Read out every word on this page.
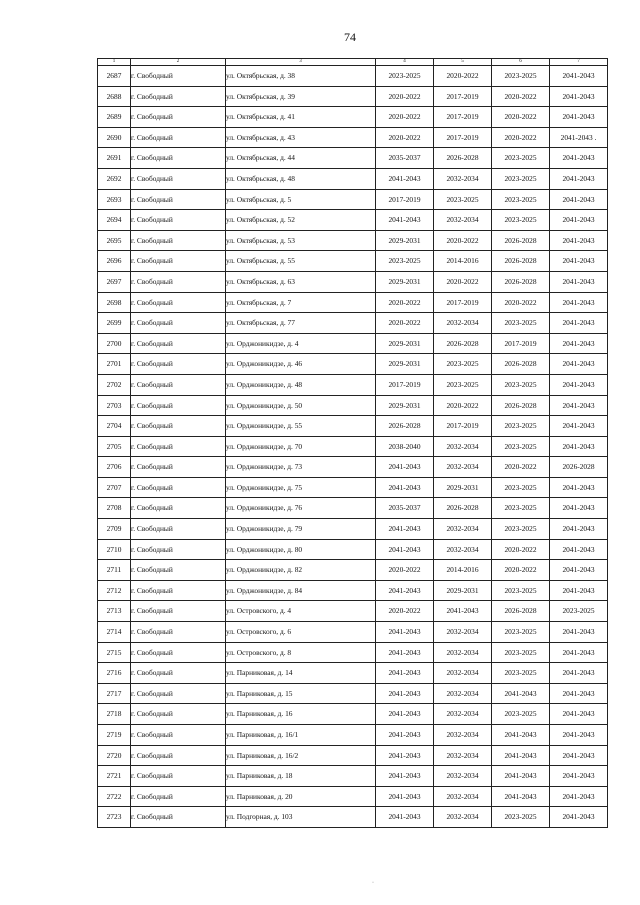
74
1	2	3	4	5	6	7
2687	г. Свободный	ул. Октябрьская, д. 38	2023-2025	2020-2022	2023-2025	2041-2043
2688	г. Свободный	ул. Октябрьская, д. 39	2020-2022	2017-2019	2020-2022	2041-2043
2689	г. Свободный	ул. Октябрьская, д. 41	2020-2022	2017-2019	2020-2022	2041-2043
2690	г. Свободный	ул. Октябрьская, д. 43	2020-2022	2017-2019	2020-2022	2041-2043 .
2691	г. Свободный	ул. Октябрьская, д. 44	2035-2037	2026-2028	2023-2025	2041-2043
2692	г. Свободный	ул. Октябрьская, д. 48	2041-2043	2032-2034	2023-2025	2041-2043
2693	г. Свободный	ул. Октябрьская, д. 5	2017-2019	2023-2025	2023-2025	2041-2043
2694	г. Свободный	ул. Октябрьская, д. 52	2041-2043	2032-2034	2023-2025	2041-2043
2695	г. Свободный	ул. Октябрьская, д. 53	2029-2031	2020-2022	2026-2028	2041-2043
2696	г. Свободный	ул. Октябрьская, д. 55	2023-2025	2014-2016	2026-2028	2041-2043
2697	г. Свободный	ул. Октябрьская, д. 63	2029-2031	2020-2022	2026-2028	2041-2043
2698	г. Свободный	ул. Октябрьская, д. 7	2020-2022	2017-2019	2020-2022	2041-2043
2699	г. Свободный	ул. Октябрьская, д. 77	2020-2022	2032-2034	2023-2025	2041-2043
2700	г. Свободный	ул. Орджоникидзе, д. 4	2029-2031	2026-2028	2017-2019	2041-2043
2701	г. Свободный	ул. Орджоникидзе, д. 46	2029-2031	2023-2025	2026-2028	2041-2043
2702	г. Свободный	ул. Орджоникидзе, д. 48	2017-2019	2023-2025	2023-2025	2041-2043
2703	г. Свободный	ул. Орджоникидзе, д. 50	2029-2031	2020-2022	2026-2028	2041-2043
2704	г. Свободный	ул. Орджоникидзе, д. 55	2026-2028	2017-2019	2023-2025	2041-2043
2705	г. Свободный	ул. Орджоникидзе, д. 70	2038-2040	2032-2034	2023-2025	2041-2043
2706	г. Свободный	ул. Орджоникидзе, д. 73	2041-2043	2032-2034	2020-2022	2026-2028
2707	г. Свободный	ул. Орджоникидзе, д. 75	2041-2043	2029-2031	2023-2025	2041-2043
2708	г. Свободный	ул. Орджоникидзе, д. 76	2035-2037	2026-2028	2023-2025	2041-2043
2709	г. Свободный	ул. Орджоникидзе, д. 79	2041-2043	2032-2034	2023-2025	2041-2043
2710	г. Свободный	ул. Орджоникидзе, д. 80	2041-2043	2032-2034	2020-2022	2041-2043
2711	г. Свободный	ул. Орджоникидзе, д. 82	2020-2022	2014-2016	2020-2022	2041-2043
2712	г. Свободный	ул. Орджоникидзе, д. 84	2041-2043	2029-2031	2023-2025	2041-2043
2713	г. Свободный	ул. Островского, д. 4	2020-2022	2041-2043	2026-2028	2023-2025
2714	г. Свободный	ул. Островского, д. 6	2041-2043	2032-2034	2023-2025	2041-2043
2715	г. Свободный	ул. Островского, д. 8	2041-2043	2032-2034	2023-2025	2041-2043
2716	г. Свободный	ул. Парниковая, д. 14	2041-2043	2032-2034	2023-2025	2041-2043
2717	г. Свободный	ул. Парниковая, д. 15	2041-2043	2032-2034	2041-2043	2041-2043
2718	г. Свободный	ул. Парниковая, д. 16	2041-2043	2032-2034	2023-2025	2041-2043
2719	г. Свободный	ул. Парниковая, д. 16/1	2041-2043	2032-2034	2041-2043	2041-2043
2720	г. Свободный	ул. Парниковая, д. 16/2	2041-2043	2032-2034	2041-2043	2041-2043
2721	г. Свободный	ул. Парниковая, д. 18	2041-2043	2032-2034	2041-2043	2041-2043
2722	г. Свободный	ул. Парниковая, д. 20	2041-2043	2032-2034	2041-2043	2041-2043
2723	г. Свободный	ул. Подгорная, д. 103	2041-2043	2032-2034	2023-2025	2041-2043
·
